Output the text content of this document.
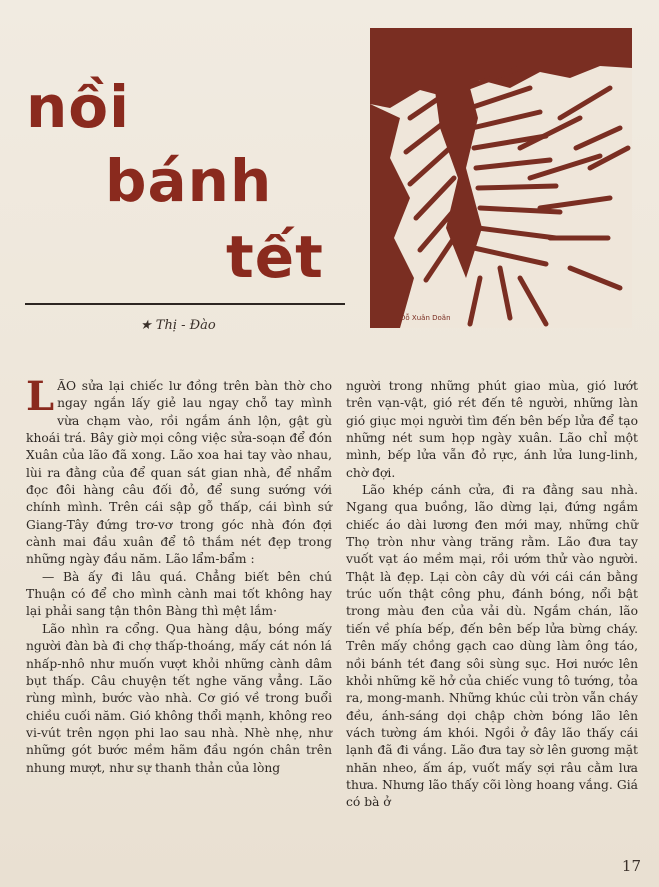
nồi
bánh
tết
★ Thị - Đào	Đỗ Xuân Doãn

LÃO sửa lại chiếc lư đồng trên bàn thờ cho ngay ngắn lấy giẻ lau ngay chỗ tay mình vừa chạm vào, rồi ngắm ánh lộn, gật gù khoái trá. Bây giờ mọi công việc sửa-soạn để đón Xuân của lão đã xong. Lão xoa hai tay vào nhau, lùi ra đằng của để quan sát gian nhà, để nhẩm đọc đôi hàng câu đối đỏ, để sung sướng với chính mình. Trên cái sập gỗ thấp, cái bình sứ Giang-Tây đứng trơ-vơ trong góc nhà đón đợi cành mai đầu xuân để tô thắm nét đẹp trong những ngày đầu năm. Lão lẩm-bẩm :

— Bà ấy đi lâu quá. Chẳng biết bên chú Thuận có để cho mình cành mai tốt không hay lại phải sang tận thôn Bàng thì mệt lắm·

Lão nhìn ra cổng. Qua hàng dậu, bóng mấy người đàn bà đi chợ thấp-thoáng, mấy cát nón lá nhấp-nhô như muốn vượt khỏi những cành dâm bụt thấp. Câu chuyện tết nghe văng vẳng. Lão rùng mình, bước vào nhà. Cơ gió về trong buổi chiều cuối năm. Gió không thổi mạnh, không reo vi-vút trên ngọn phi lao sau nhà. Nhè nhẹ, như những gót bước mềm hãm đầu ngón chân trên nhung mượt, như sự thanh thản của lòng

người trong những phút giao mùa, gió lướt trên vạn-vật, gió rét đến tê người, những làn gió giục mọi người tìm đến bên bếp lửa để tạo những nét sum họp ngày xuân. Lão chỉ một mình, bếp lửa vẫn đỏ rực, ánh lửa lung-linh, chờ đợi.

Lão khép cánh cửa, đi ra đằng sau nhà. Ngang qua buồng, lão dừng lại, đứng ngắm chiếc áo dài lương đen mới may, những chữ Thọ tròn như vàng trăng rằm. Lão đưa tay vuốt vạt áo mềm mại, rồi ướm thử vào người. Thật là đẹp. Lại còn cây dù với cái cán bằng trúc uốn thật công phu, đánh bóng, nổi bật trong màu đen của vải dù. Ngắm chán, lão tiến về phía bếp, đến bên bếp lửa bừng cháy. Trên mấy chồng gạch cao dùng làm ông táo, nồi bánh tét đang sôi sùng sục. Hơi nước lên khỏi những kẽ hở của chiếc vung tô tướng, tỏa ra, mong-manh. Những khúc củi tròn vẫn cháy đều, ánh-sáng dọi chập chờn bóng lão lên vách tường ám khói. Ngồi ở đây lão thấy cái lạnh đã đi vắng. Lão đưa tay sờ lên gương mặt nhăn nheo, ấm áp, vuốt mấy sợi râu cằm lưa thưa. Nhưng lão thấy cõi lòng hoang vắng. Giá có bà ở

17
